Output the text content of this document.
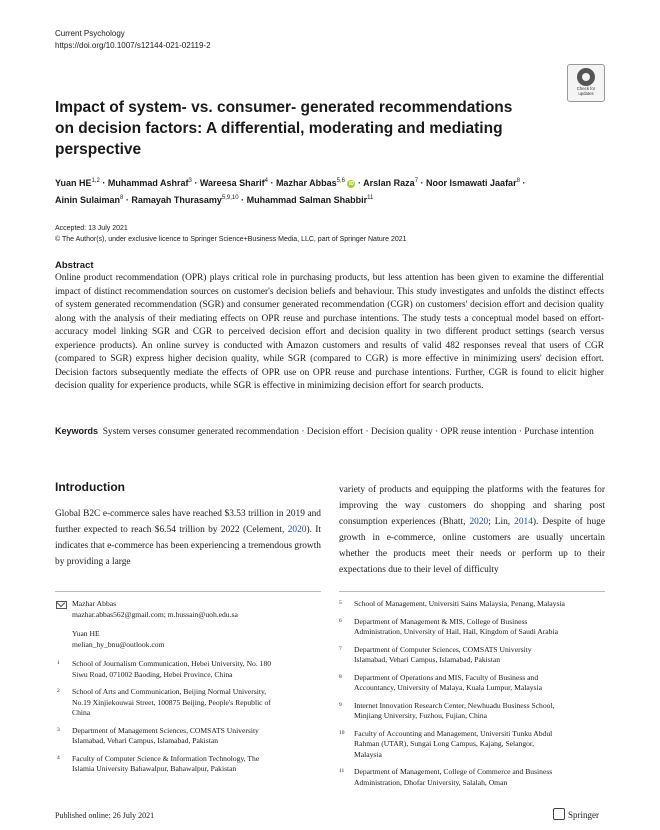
Current Psychology
https://doi.org/10.1007/s12144-021-02119-2
Check for
updates
Impact of system- vs. consumer- generated recommendations on decision factors: A differential, moderating and mediating perspective
Yuan HE$^{1,2}$ · Muhammad Ashraf$^3$ · Wareesa Sharif$^4$ · Mazhar Abbas$^{5,6}$ iD · Arslan Raza$^7$ · Noor Ismawati Jaafar$^8$ ·
Ainin Sulaiman$^8$ · Ramayah Thurasamy$^{5,9,10}$ · Muhammad Salman Shabbir$^{11}$
Accepted: 13 July 2021
© The Author(s), under exclusive licence to Springer Science+Business Media, LLC, part of Springer Nature 2021
Abstract
Online product recommendation (OPR) plays critical role in purchasing products, but less attention has been given to examine the differential impact of distinct recommendation sources on customer's decision beliefs and behaviour. This study investigates and unfolds the distinct effects of system generated recommendation (SGR) and consumer generated recommendation (CGR) on customers' decision effort and decision quality along with the analysis of their mediating effects on OPR reuse and purchase intentions. The study tests a conceptual model based on effort-accuracy model linking SGR and CGR to perceived decision effort and decision quality in two different product settings (search versus experience products). An online survey is conducted with Amazon customers and results of valid 482 responses reveal that users of CGR (compared to SGR) express higher decision quality, while SGR (compared to CGR) is more effective in minimizing users' decision effort. Decision factors subsequently mediate the effects of OPR use on OPR reuse and purchase intentions. Further, CGR is found to elicit higher decision quality for experience products, while SGR is effective in minimizing decision effort for search products.
Keywords System verses consumer generated recommendation · Decision effort · Decision quality · OPR reuse intention · Purchase intention
Introduction
Global B2C e-commerce sales have reached $3.53 trillion in 2019 and further expected to reach $6.54 trillion by 2022 (Celement, 2020). It indicates that e-commerce has been experiencing a tremendous growth by providing a large
variety of products and equipping the platforms with the features for improving the way customers do shopping and sharing post consumption experiences (Bhatt, 2020; Lin, 2014). Despite of huge growth in e-commerce, online customers are usually uncertain whether the products meet their needs or perform up to their expectations due to their level of difficulty
Published online: 26 July 2021	Springer
Mazhar Abbas
mazhar.abbas562@gmail.com; m.hussain@uoh.edu.sa
Yuan HE
melian_hy_bnu@outlook.com
1 School of Journalism Communication, Hebei University, No. 180
Siwu Road, 071002 Baoding, Hebei Province, China
2 School of Arts and Communication, Beijing Normal University,
No.19 Xinjiekouwai Street, 100875 Beijing, People's Republic of
China
3 Department of Management Sciences, COMSATS University
Islamabad, Vehari Campus, Islamabad, Pakistan
4 Faculty of Computer Science & Information Technology, The
Islamia University Bahawalpur, Bahawalpur, Pakistan
5 School of Management, Universiti Sains Malaysia, Penang, Malaysia
6 Department of Management & MIS, College of Business
Administration, University of Hail, Hail, Kingdom of Saudi Arabia
7 Department of Computer Sciences, COMSATS University
Islamabad, Vehari Campus, Islamabad, Pakistan
8 Department of Operations and MIS, Faculty of Business and
Accountancy, University of Malaya, Kuala Lumpur, Malaysia
9 Internet Innovation Research Center, Newhuadu Business School,
Minjiang University, Fuzhou, Fujian, China
10 Faculty of Accounting and Management, Universiti Tunku Abdul
Rahman (UTAR), Sungai Long Campus, Kajang, Selangor,
Malaysia
11 Department of Management, College of Commerce and Business
Administration, Dhofar University, Salalah, Oman
